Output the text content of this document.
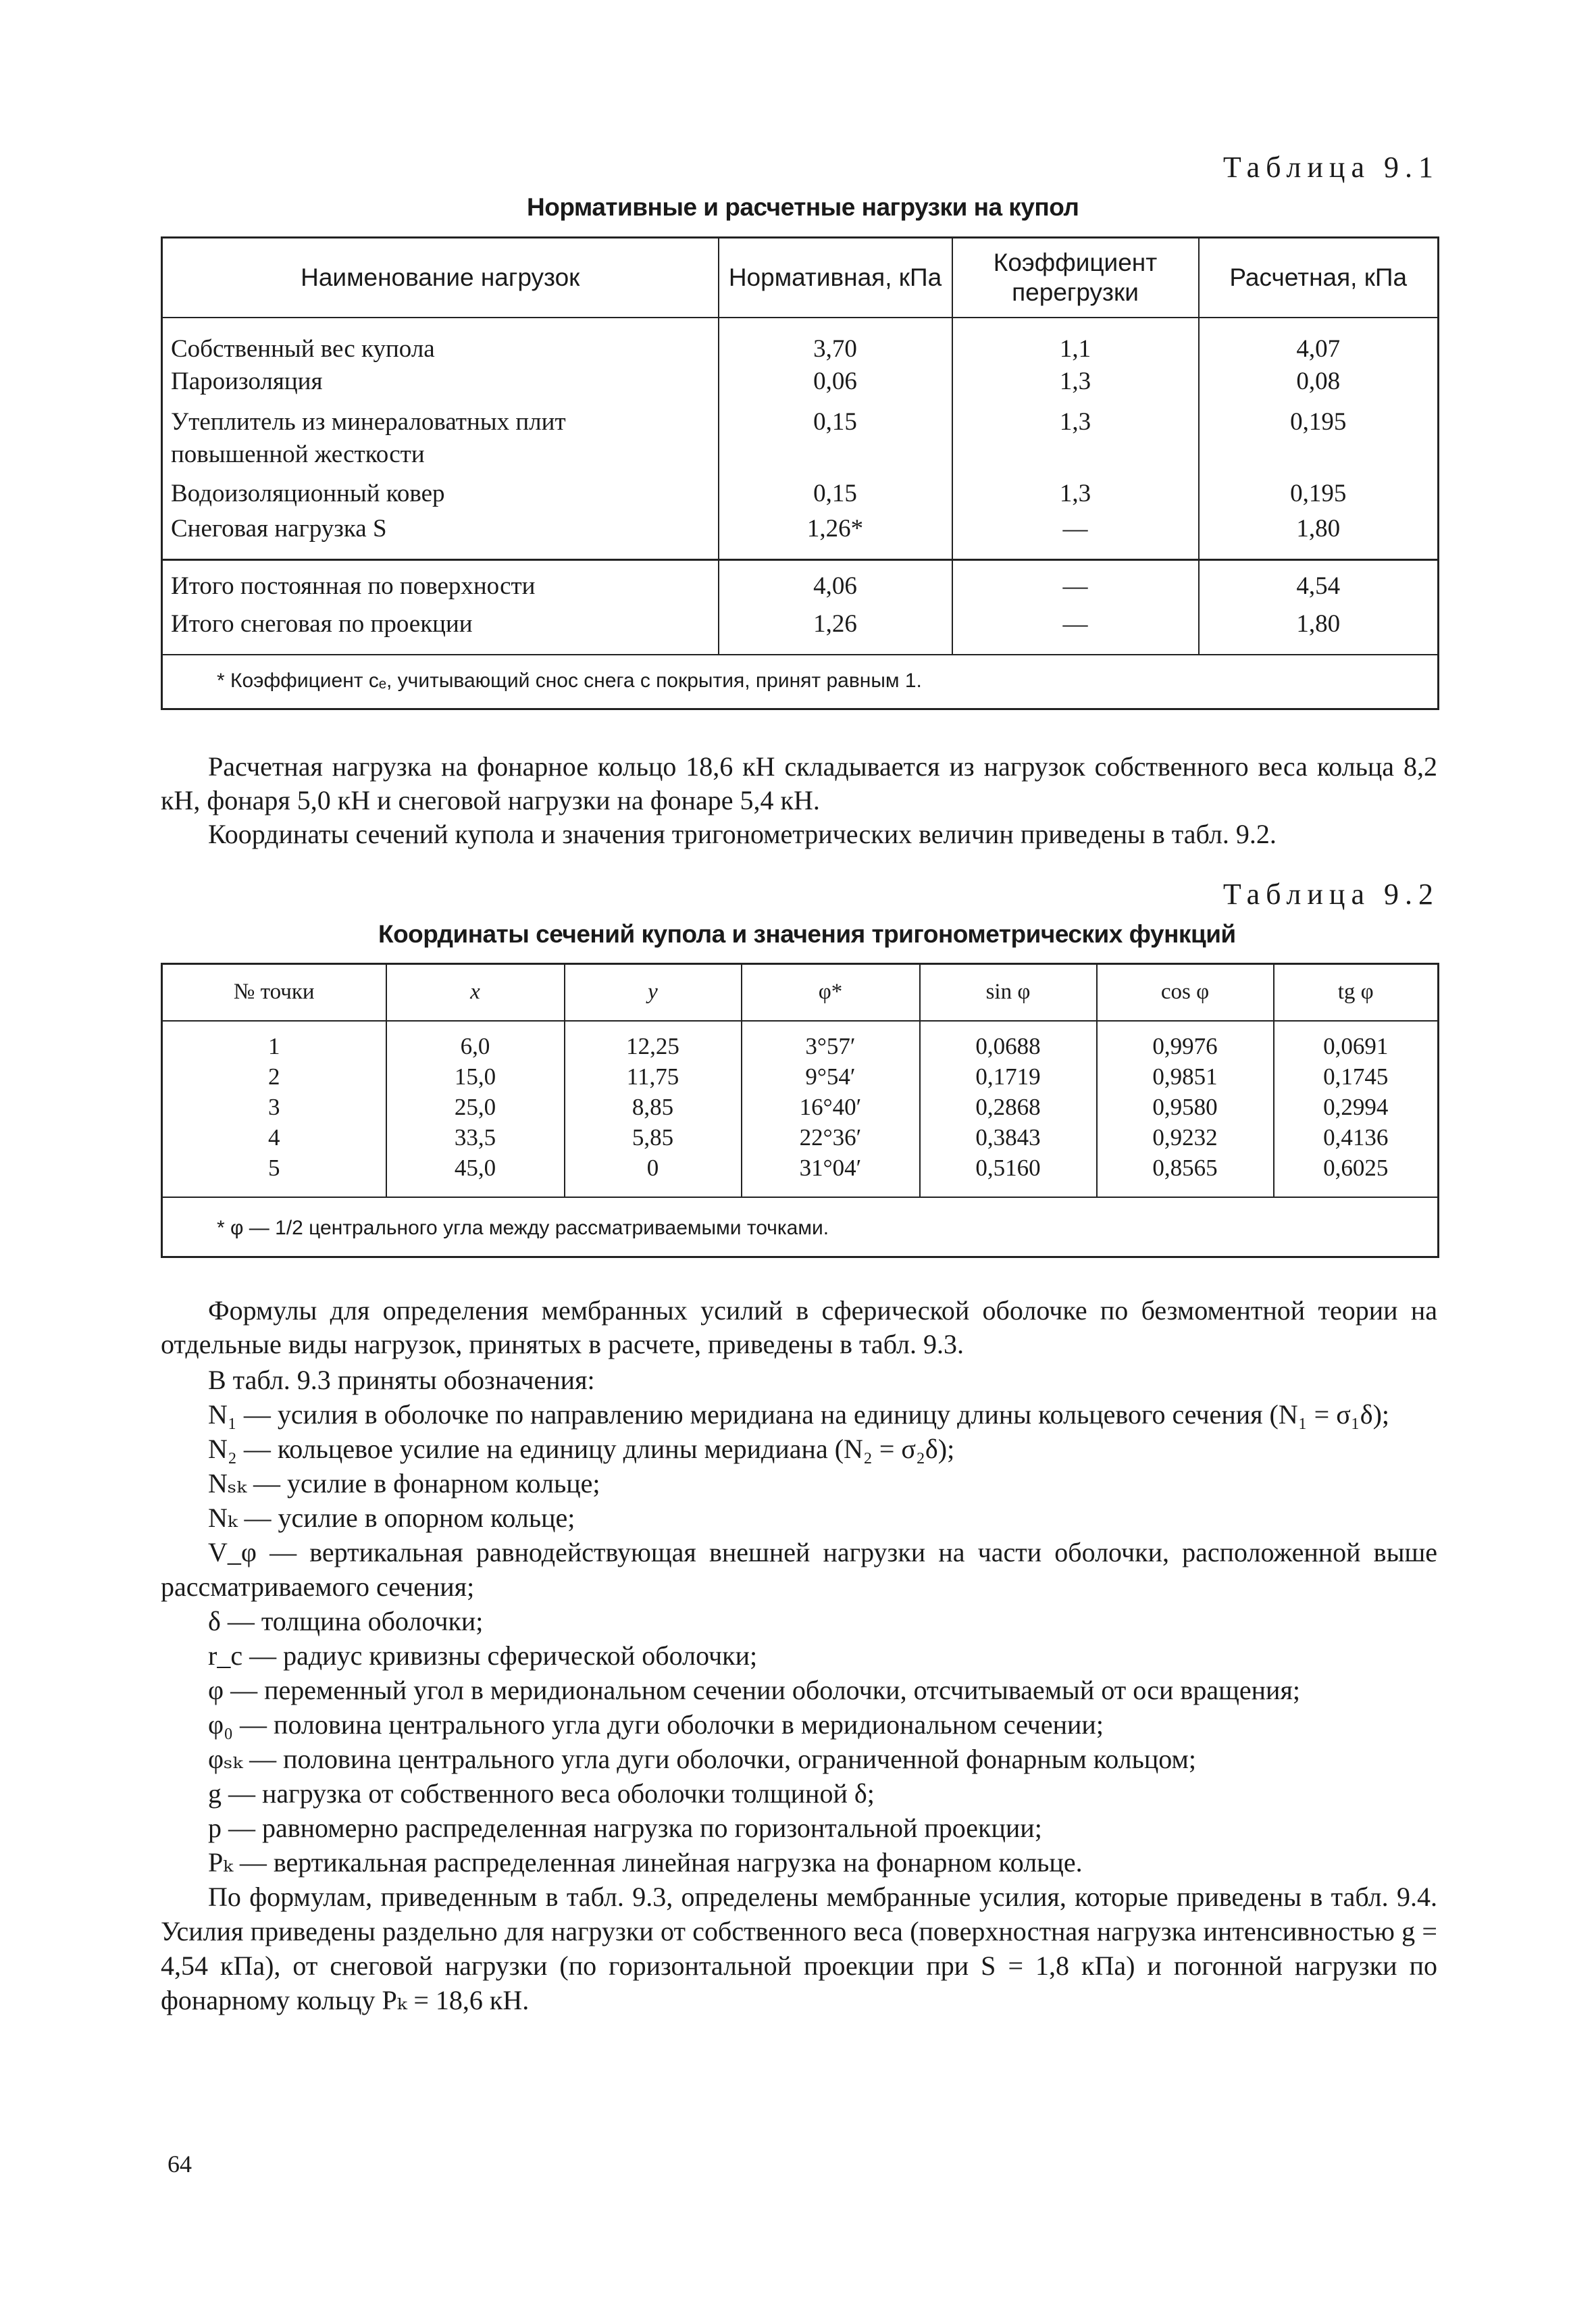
Таблица 9.1
Нормативные и расчетные нагрузки на купол
Наименование нагрузок	Нормативная, кПа	Коэффициент перегрузки	Расчетная, кПа

Собственный вес купола	3,70	1,1	4,07
Пароизоляция	0,06	1,3	0,08
Утеплитель из минераловатных плит повышенной жесткости	0,15	1,3	0,195
Водоизоляционный ковер	0,15	1,3	0,195
Снеговая нагрузка S	1,26*	—	1,80

Итого постоянная по поверхности	4,06	—	4,54
Итого снеговая по проекции	1,26	—	1,80

* Коэффициент cₑ, учитывающий снос снега с покрытия, принят равным 1.			
Расчетная нагрузка на фонарное кольцо 18,6 кН складывается из нагрузок собственного веса кольца 8,2 кН, фонаря 5,0 кН и снеговой нагрузки на фонаре 5,4 кН.
Координаты сечений купола и значения тригонометрических величин приведены в табл. 9.2.
Таблица 9.2
Координаты сечений купола и значения тригонометрических функций
№ точки	x	y	φ*	sin φ	cos φ	tg φ
1	6,0	12,25	3°57′	0,0688	0,9976	0,0691
2	15,0	11,75	9°54′	0,1719	0,9851	0,1745
3	25,0	8,85	16°40′	0,2868	0,9580	0,2994
4	33,5	5,85	22°36′	0,3843	0,9232	0,4136
5	45,0	0	31°04′	0,5160	0,8565	0,6025
* φ — 1/2 центрального угла между рассматриваемыми точками.						
Формулы для определения мембранных усилий в сферической оболочке по безмоментной теории на отдельные виды нагрузок, принятых в расчете, приведены в табл. 9.3.
В табл. 9.3 приняты обозначения:
N₁ — усилия в оболочке по направлению меридиана на единицу длины кольцевого сечения (N₁ = σ₁δ);
N₂ — кольцевое усилие на единицу длины меридиана (N₂ = σ₂δ);
Nₛₖ — усилие в фонарном кольце;
Nₖ — усилие в опорном кольце;
V_φ — вертикальная равнодействующая внешней нагрузки на части оболочки, расположенной выше рассматриваемого сечения;
δ — толщина оболочки;
r_c — радиус кривизны сферической оболочки;
φ — переменный угол в меридиональном сечении оболочки, отсчитываемый от оси вращения;
φ₀ — половина центрального угла дуги оболочки в меридиональном сечении;
φₛₖ — половина центрального угла дуги оболочки, ограниченной фонарным кольцом;
g — нагрузка от собственного веса оболочки толщиной δ;
p — равномерно распределенная нагрузка по горизонтальной проекции;
Pₖ — вертикальная распределенная линейная нагрузка на фонарном кольце.
По формулам, приведенным в табл. 9.3, определены мембранные усилия, которые приведены в табл. 9.4. Усилия приведены раздельно для нагрузки от собственного веса (поверхностная нагрузка интенсивностью g = 4,54 кПа), от снеговой нагрузки (по горизонтальной проекции при S = 1,8 кПа) и погонной нагрузки по фонарному кольцу Pₖ = 18,6 кН.
64
